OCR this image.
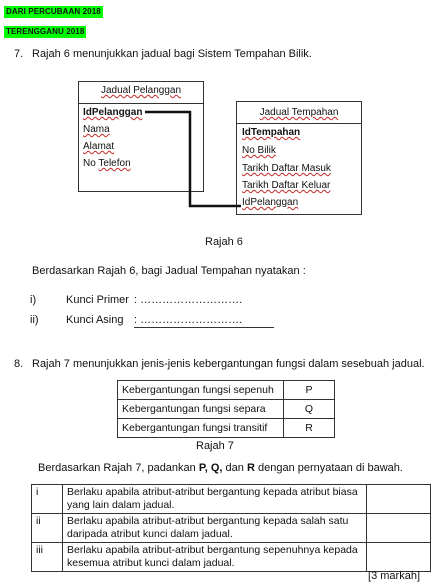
DARI PERCUBAAN 2018
TERENGGANU 2018
7. Rajah 6 menunjukkan jadual bagi Sistem Tempahan Bilik.
Jadual Pelanggan
IdPelanggan
Nama
Alamat
No Telefon
Jadual Tempahan
IdTempahan
No Bilik
Tarikh Daftar Masuk
Tarikh Daftar Keluar
IdPelanggan
Rajah 6
Berdasarkan Rajah 6, bagi Jadual Tempahan nyatakan :
i)	Kunci Primer : ……………………….
ii) Kunci Asing : ……………………….
8. Rajah 7 menunjukkan jenis-jenis kebergantungan fungsi dalam sesebuah jadual.
Kebergantungan fungsi sepenuh	P
Kebergantungan fungsi separa	Q
Kebergantungan fungsi transitif	R
Rajah 7
Berdasarkan Rajah 7, padankan P, Q, dan R dengan pernyataan di bawah.
i	Berlaku apabila atribut-atribut bergantung kepada atribut biasa
yang lain dalam jadual.	

ii	Berlaku apabila atribut-atribut bergantung kepada salah satu
daripada atribut kunci dalam jadual.	

iii	Berlaku apabila atribut-atribut bergantung sepenuhnya kepada
kesemua atribut kunci dalam jadual.	

[3 markah]
